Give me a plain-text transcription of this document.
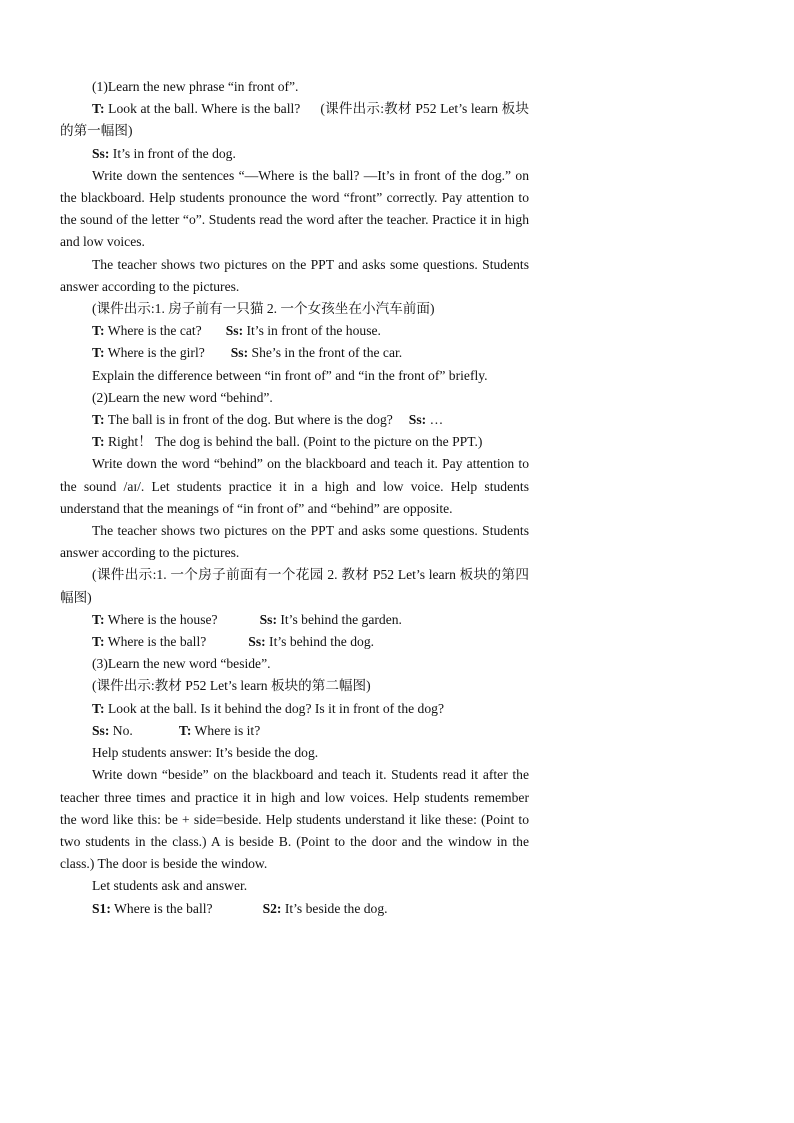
(1)Learn the new phrase “in front of”.

T: Look at the ball. Where is the ball? (课件出示:教材 P52 Let’s learn 板块的第一幅图)

Ss: It’s in front of the dog.

Write down the sentences “—Where is the ball? —It’s in front of the dog.” on the blackboard. Help students pronounce the word “front” correctly. Pay attention to the sound of the letter “o”. Students read the word after the teacher. Practice it in high and low voices.

The teacher shows two pictures on the PPT and asks some questions. Students answer according to the pictures.

(课件出示:1. 房子前有一只猫 2. 一个女孩坐在小汽车前面)

T: Where is the cat? Ss: It’s in front of the house.

T: Where is the girl? Ss: She’s in the front of the car.

Explain the difference between “in front of” and “in the front of” briefly.

(2)Learn the new word “behind”.

T: The ball is in front of the dog. But where is the dog? Ss: …

T: Right！ The dog is behind the ball. (Point to the picture on the PPT.)

Write down the word “behind” on the blackboard and teach it. Pay attention to the sound /aɪ/. Let students practice it in a high and low voice. Help students understand that the meanings of “in front of” and “behind” are opposite.

The teacher shows two pictures on the PPT and asks some questions. Students answer according to the pictures.

(课件出示:1. 一个房子前面有一个花园 2. 教材 P52 Let’s learn 板块的第四幅图)

T: Where is the house?	Ss: It’s behind the garden.

T: Where is the ball?	Ss: It’s behind the dog.

(3)Learn the new word “beside”.

(课件出示:教材 P52 Let’s learn 板块的第二幅图)

T: Look at the ball. Is it behind the dog? Is it in front of the dog?

Ss: No.	T: Where is it?

Help students answer: It’s beside the dog.

Write down “beside” on the blackboard and teach it. Students read it after the teacher three times and practice it in high and low voices. Help students remember the word like this: be + side=beside. Help students understand it like these: (Point to two students in the class.) A is beside B. (Point to the door and the window in the class.) The door is beside the window.

Let students ask and answer.

S1: Where is the ball?	S2: It’s beside the dog.
